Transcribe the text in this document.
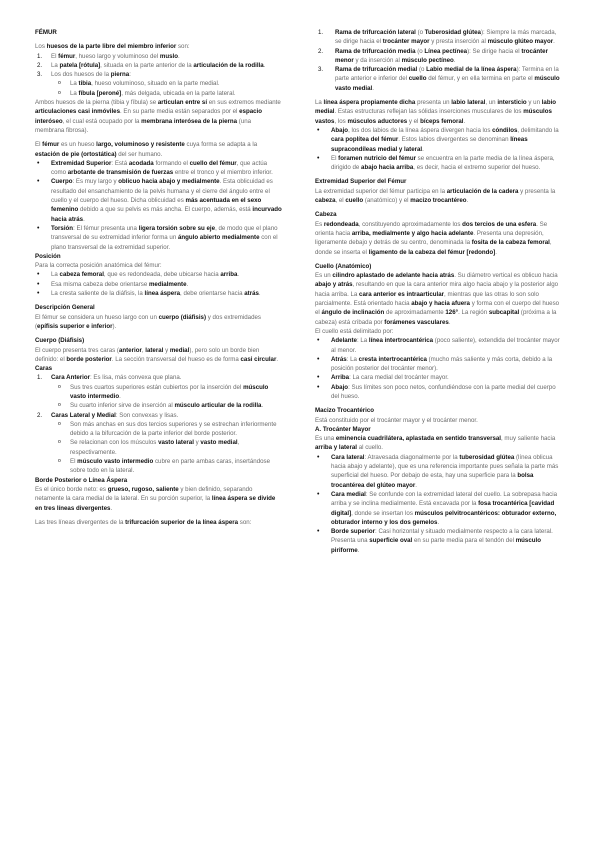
FÉMUR

Los huesos de la parte libre del miembro inferior son:

1. El fémur, hueso largo y voluminoso del muslo.
2. La patela [rótula], situada en la parte anterior de la articulación de la rodilla.
3. Los dos huesos de la pierna:
o La tibia, hueso voluminoso, situado en la parte medial.
o La fíbula [peroné], más delgada, ubicada en la parte lateral.

Ambos huesos de la pierna (tibia y fíbula) se articulan entre sí en sus extremos mediante articulaciones casi inmóviles. En su parte media están separados por el espacio interóseo, el cual está ocupado por la membrana interósea de la pierna (una membrana fibrosa).

El fémur es un hueso largo, voluminoso y resistente cuya forma se adapta a la estación de pie (ortostática) del ser humano.

• Extremidad Superior: Está acodada formando el cuello del fémur, que actúa como arbotante de transmisión de fuerzas entre el tronco y el miembro inferior.
• Cuerpo: Es muy largo y oblicuo hacia abajo y medialmente. Esta oblicuidad es resultado del ensanchamiento de la pelvis humana y el cierre del ángulo entre el cuello y el cuerpo del hueso. Dicha oblicuidad es más acentuada en el sexo femenino debido a que su pelvis es más ancha. El cuerpo, además, está incurvado hacia atrás.
• Torsión: El fémur presenta una ligera torsión sobre su eje, de modo que el plano transversal de su extremidad inferior forma un ángulo abierto medialmente con el plano transversal de la extremidad superior.

Posición

Para la correcta posición anatómica del fémur:

• La cabeza femoral, que es redondeada, debe ubicarse hacia arriba.
• Esa misma cabeza debe orientarse medialmente.
• La cresta saliente de la diáfisis, la línea áspera, debe orientarse hacia atrás.

Descripción General

El fémur se considera un hueso largo con un cuerpo (diáfisis) y dos extremidades (epífisis superior e inferior).

Cuerpo (Diáfisis)

El cuerpo presenta tres caras (anterior, lateral y medial), pero solo un borde bien definido: el borde posterior. La sección transversal del hueso es de forma casi circular.

Caras

1. Cara Anterior: Es lisa, más convexa que plana.
o Sus tres cuartos superiores están cubiertos por la inserción del músculo vasto intermedio.
o Su cuarto inferior sirve de inserción al músculo articular de la rodilla.
2. Caras Lateral y Medial: Son convexas y lisas.
o Son más anchas en sus dos tercios superiores y se estrechan inferiormente debido a la bifurcación de la parte inferior del borde posterior.
o Se relacionan con los músculos vasto lateral y vasto medial, respectivamente.
o El músculo vasto intermedio cubre en parte ambas caras, insertándose sobre todo en la lateral.

Borde Posterior o Línea Áspera

Es el único borde neto: es grueso, rugoso, saliente y bien definido, separando netamente la cara medial de la lateral. En su porción superior, la línea áspera se divide en tres líneas divergentes.

Las tres líneas divergentes de la trifurcación superior de la línea áspera son:

1. Rama de trifurcación lateral (o Tuberosidad glútea): Siempre la más marcada, se dirige hacia el trocánter mayor y presta inserción al músculo glúteo mayor.
2. Rama de trifurcación media (o Línea pectínea): Se dirige hacia el trocánter menor y da inserción al músculo pectíneo.
3. Rama de trifurcación medial (o Labio medial de la línea áspera): Termina en la parte anterior e inferior del cuello del fémur, y en ella termina en parte el músculo vasto medial.

La línea áspera propiamente dicha presenta un labio lateral, un intersticio y un labio medial. Estas estructuras reflejan las sólidas inserciones musculares de los músculos vastos, los músculos aductores y el bíceps femoral.

• Abajo, los dos labios de la línea áspera divergen hacia los cóndilos, delimitando la cara poplítea del fémur. Estos labios divergentes se denominan líneas supracondíleas medial y lateral.
• El foramen nutricio del fémur se encuentra en la parte media de la línea áspera, dirigido de abajo hacia arriba, es decir, hacia el extremo superior del hueso.

Extremidad Superior del Fémur

La extremidad superior del fémur participa en la articulación de la cadera y presenta la cabeza, el cuello (anatómico) y el macizo trocantéreo.

Cabeza

Es redondeada, constituyendo aproximadamente los dos tercios de una esfera. Se orienta hacia arriba, medialmente y algo hacia adelante. Presenta una depresión, ligeramente debajo y detrás de su centro, denominada la fosita de la cabeza femoral, donde se inserta el ligamento de la cabeza del fémur [redondo].

Cuello (Anatómico)

Es un cilindro aplastado de adelante hacia atrás. Su diámetro vertical es oblicuo hacia abajo y atrás, resultando en que la cara anterior mira algo hacia abajo y la posterior algo hacia arriba. La cara anterior es intraarticular, mientras que las otras lo son solo parcialmente. Está orientado hacia abajo y hacia afuera y forma con el cuerpo del hueso el ángulo de inclinación de aproximadamente 126°. La región subcapital (próxima a la cabeza) está cribada por forámenes vasculares.

El cuello está delimitado por:

• Adelante: La línea intertrocantérica (poco saliente), extendida del trocánter mayor al menor.
• Atrás: La cresta intertrocantérica (mucho más saliente y más corta, debido a la posición posterior del trocánter menor).
• Arriba: La cara medial del trocánter mayor.
• Abajo: Sus límites son poco netos, confundiéndose con la parte medial del cuerpo del hueso.

Macizo Trocantérico

Está constituido por el trocánter mayor y el trocánter menor.

A. Trocánter Mayor

Es una eminencia cuadrilátera, aplastada en sentido transversal, muy saliente hacia arriba y lateral al cuello.

• Cara lateral: Atravesada diagonalmente por la tuberosidad glútea (línea oblicua hacia abajo y adelante), que es una referencia importante pues señala la parte más superficial del hueso. Por debajo de esta, hay una superficie para la bolsa trocantérea del glúteo mayor.
• Cara medial: Se confunde con la extremidad lateral del cuello. La sobrepasa hacia arriba y se inclina medialmente. Está excavada por la fosa trocantérica [cavidad digital], donde se insertan los músculos pelvitrocantéricos: obturador externo, obturador interno y los dos gemelos.
• Borde superior: Casi horizontal y situado medialmente respecto a la cara lateral. Presenta una superficie oval en su parte media para el tendón del músculo piriforme.
